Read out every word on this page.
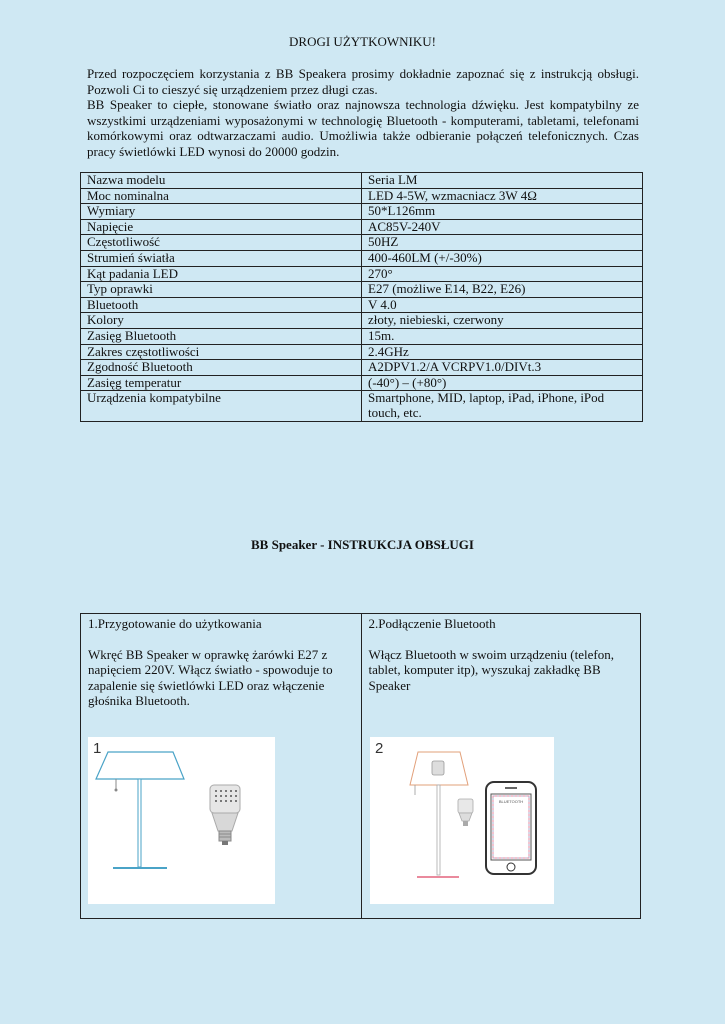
DROGI UŻYTKOWNIKU!

Przed rozpoczęciem korzystania z BB Speakera prosimy dokładnie zapoznać się z instrukcją obsługi. Pozwoli Ci to cieszyć się urządzeniem przez długi czas.

BB Speaker to ciepłe, stonowane światło oraz najnowsza technologia dźwięku. Jest kompatybilny ze wszystkimi urządzeniami wyposażonymi w technologię Bluetooth - komputerami, tabletami, telefonami komórkowymi oraz odtwarzaczami audio. Umożliwia także odbieranie połączeń telefonicznych. Czas pracy świetlówki LED wynosi do 20000 godzin.

Nazwa modelu	Seria LM
Moc nominalna	LED 4-5W, wzmacniacz 3W 4Ω
Wymiary	50*L126mm
Napięcie	AC85V-240V
Częstotliwość	50HZ
Strumień światła	400-460LM (+/-30%)
Kąt padania LED	270°
Typ oprawki	E27 (możliwe E14, B22, E26)
Bluetooth	V 4.0
Kolory	złoty, niebieski, czerwony
Zasięg Bluetooth	15m.
Zakres częstotliwości	2.4GHz
Zgodność Bluetooth	A2DPV1.2/A VCRPV1.0/DIVt.3
Zasięg temperatur	(-40°) – (+80°)
Urządzenia kompatybilne	Smartphone, MID, laptop, iPad, iPhone, iPod touch, etc.
BB Speaker - INSTRUKCJA OBSŁUGI

1.Przygotowanie do użytkowania

Wkręć BB Speaker w oprawkę żarówki E27 z napięciem 220V. Włącz światło - spowoduje to zapalenie się świetlówki LED oraz włączenie głośnika Bluetooth.

1

2.Podłączenie Bluetooth

Włącz Bluetooth w swoim urządzeniu (telefon, tablet, komputer itp), wyszukaj zakładkę BB Speaker

2
BLUETOOTH
